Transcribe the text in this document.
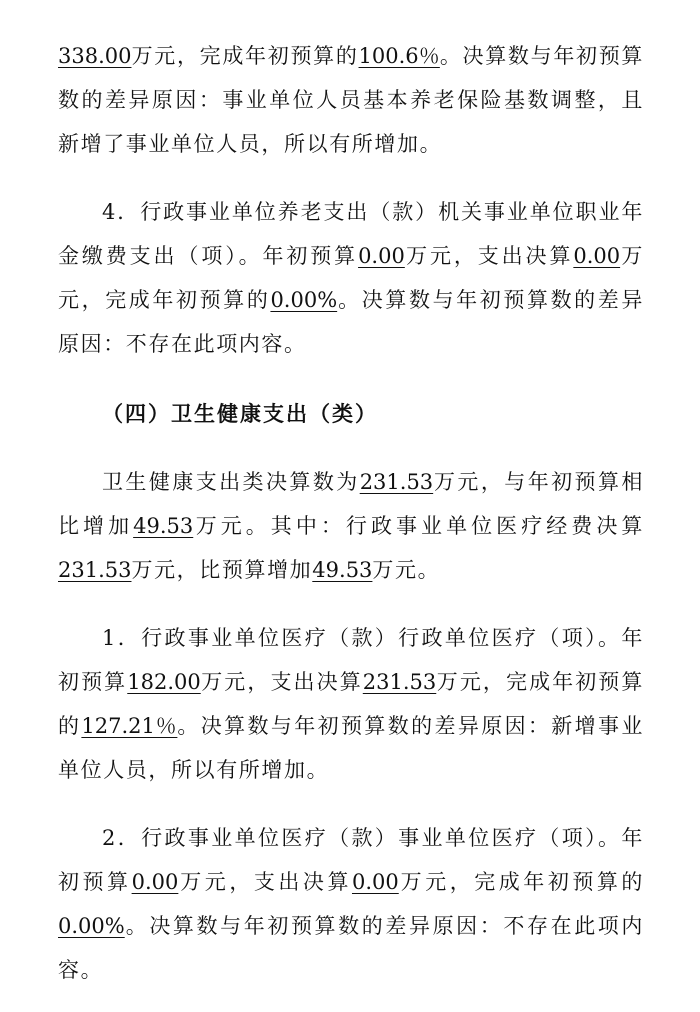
338.00万元，完成年初预算的100.6％。决算数与年初预算数的差异原因：事业单位人员基本养老保险基数调整，且新增了事业单位人员，所以有所增加。

4．行政事业单位养老支出（款）机关事业单位职业年金缴费支出（项）。年初预算0.00万元，支出决算0.00万元，完成年初预算的0.00%。决算数与年初预算数的差异原因：不存在此项内容。

（四）卫生健康支出（类）

卫生健康支出类决算数为231.53万元，与年初预算相比增加49.53万元。其中：行政事业单位医疗经费决算231.53万元，比预算增加49.53万元。

1．行政事业单位医疗（款）行政单位医疗（项）。年初预算182.00万元，支出决算231.53万元，完成年初预算的127.21％。决算数与年初预算数的差异原因：新增事业单位人员，所以有所增加。

2．行政事业单位医疗（款）事业单位医疗（项）。年初预算0.00万元，支出决算0.00万元，完成年初预算的0.00%。决算数与年初预算数的差异原因：不存在此项内容。
